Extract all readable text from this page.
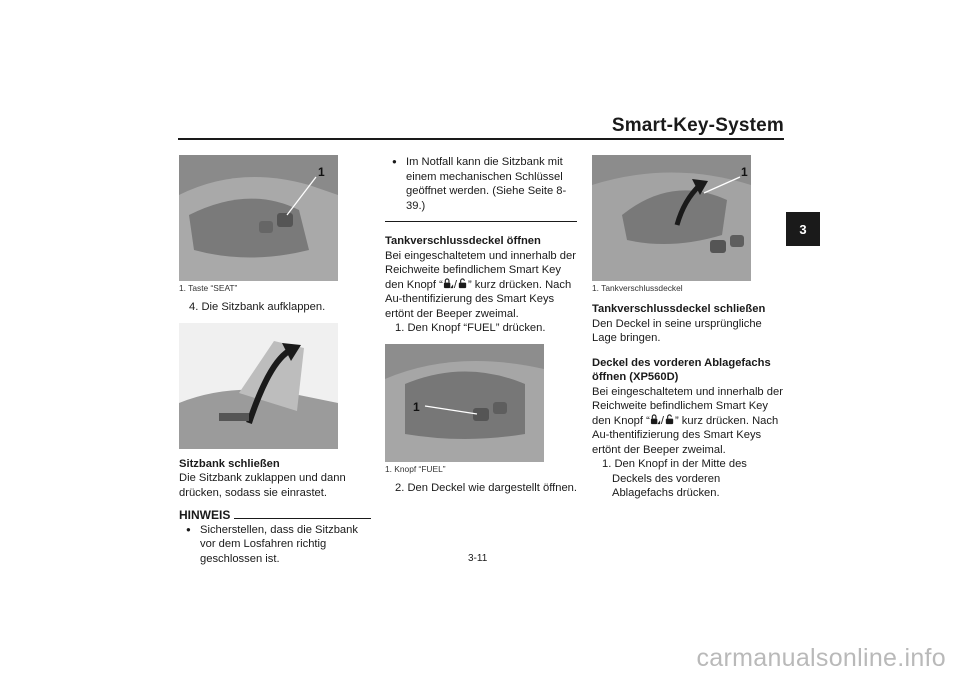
Smart-Key-System
3
1
1. Taste “SEAT”
4. Die Sitzbank aufklappen.
Sitzbank schließen
Die Sitzbank zuklappen und dann drücken, sodass sie einrastet.
HINWEIS
● Sicherstellen, dass die Sitzbank vor dem Losfahren richtig geschlossen ist.
● Im Notfall kann die Sitzbank mit einem mechanischen Schlüssel geöffnet werden. (Siehe Seite 8-39.)
Tankverschlussdeckel öffnen
Bei eingeschaltetem und innerhalb der Reichweite befindlichem Smart Key den Knopf “ / ” kurz drücken. Nach Au-thentifizierung des Smart Keys ertönt der Beeper zweimal.
1. Den Knopf “FUEL” drücken.
1
1. Knopf “FUEL”
2. Den Deckel wie dargestellt öffnen.
1
1. Tankverschlussdeckel
Tankverschlussdeckel schließen
Den Deckel in seine ursprüngliche Lage bringen.
Deckel des vorderen Ablagefachs öffnen (XP560D)
Bei eingeschaltetem und innerhalb der Reichweite befindlichem Smart Key den Knopf “ / ” kurz drücken. Nach Au-thentifizierung des Smart Keys ertönt der Beeper zweimal.
1. Den Knopf in der Mitte des Deckels des vorderen Ablagefachs drücken.
3-11
carmanualsonline.info
